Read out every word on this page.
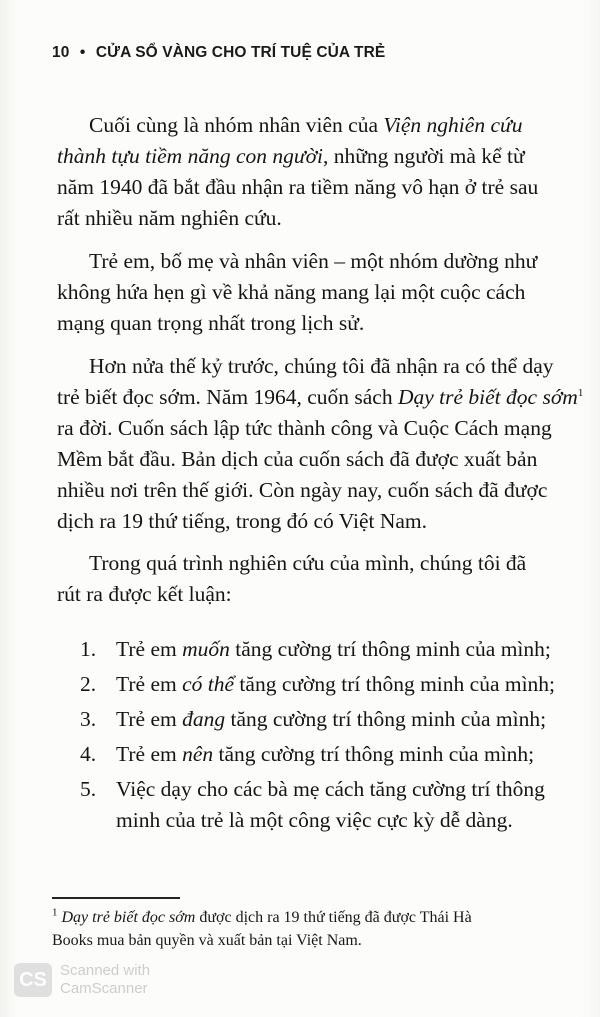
10 • CỬA SỔ VÀNG CHO TRÍ TUỆ CỦA TRẺ
Cuối cùng là nhóm nhân viên của Viện nghiên cứu
thành tựu tiềm năng con người, những người mà kể từ
năm 1940 đã bắt đầu nhận ra tiềm năng vô hạn ở trẻ sau
rất nhiều năm nghiên cứu.
Trẻ em, bố mẹ và nhân viên – một nhóm dường như
không hứa hẹn gì về khả năng mang lại một cuộc cách
mạng quan trọng nhất trong lịch sử.
Hơn nửa thế kỷ trước, chúng tôi đã nhận ra có thể dạy
trẻ biết đọc sớm. Năm 1964, cuốn sách Dạy trẻ biết đọc sớm$^1$
ra đời. Cuốn sách lập tức thành công và Cuộc Cách mạng
Mềm bắt đầu. Bản dịch của cuốn sách đã được xuất bản
nhiều nơi trên thế giới. Còn ngày nay, cuốn sách đã được
dịch ra 19 thứ tiếng, trong đó có Việt Nam.
Trong quá trình nghiên cứu của mình, chúng tôi đã
rút ra được kết luận:
1. Trẻ em muốn tăng cường trí thông minh của mình;
2. Trẻ em có thể tăng cường trí thông minh của mình;
3. Trẻ em đang tăng cường trí thông minh của mình;
4. Trẻ em nên tăng cường trí thông minh của mình;
5. Việc dạy cho các bà mẹ cách tăng cường trí thông
minh của trẻ là một công việc cực kỳ dễ dàng.
$^1$ Dạy trẻ biết đọc sớm được dịch ra 19 thứ tiếng đã được Thái Hà
Books mua bản quyền và xuất bản tại Việt Nam.
CS Scanned with
CamScanner
